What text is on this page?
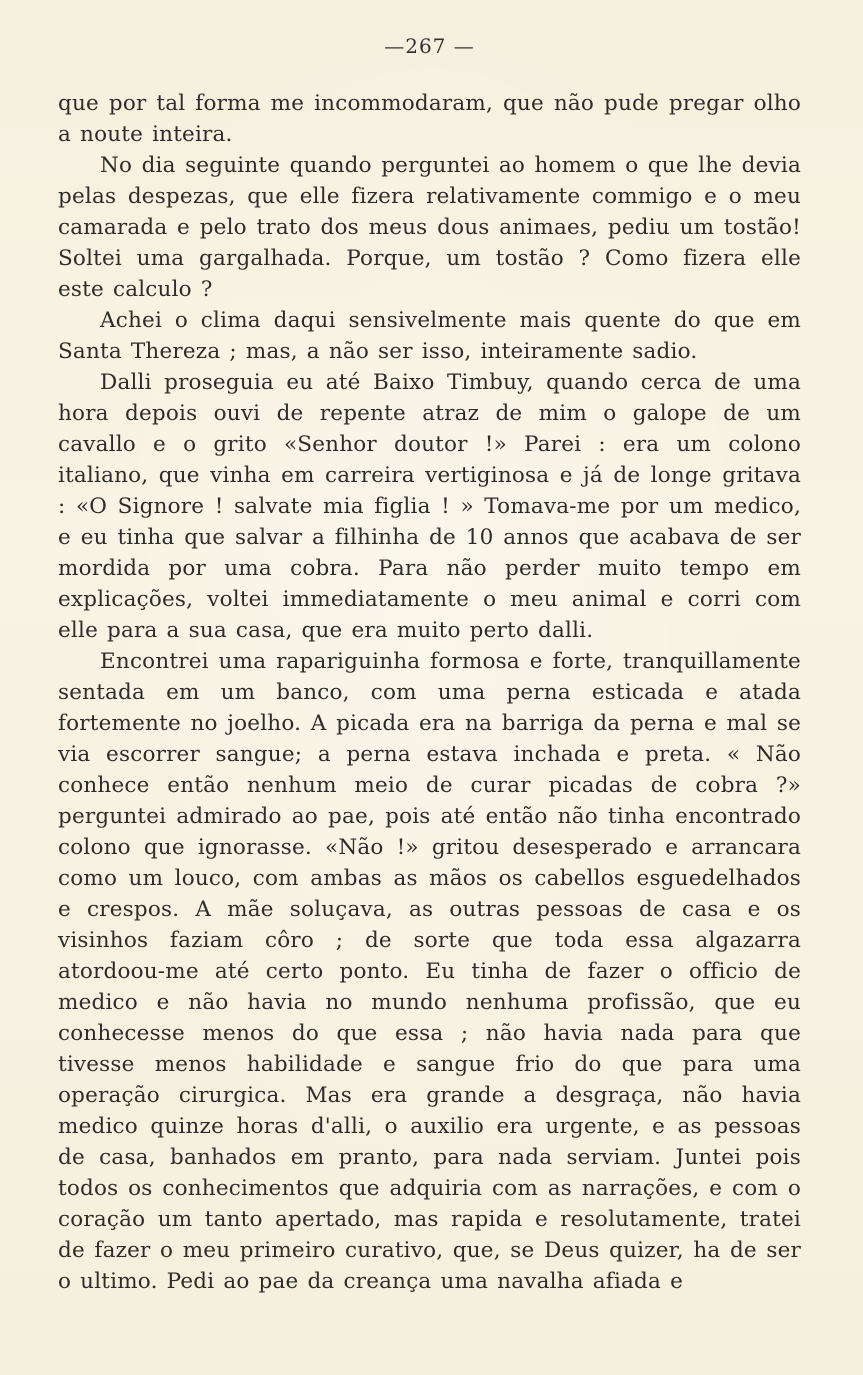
—267 —

que por tal forma me incommodaram, que não pude pregar olho a noute inteira.

No dia seguinte quando perguntei ao homem o que lhe devia pelas despezas, que elle fizera relativamente commigo e o meu camarada e pelo trato dos meus dous animaes, pediu um tostão! Soltei uma gargalhada. Porque, um tostão ? Como fizera elle este calculo ?

Achei o clima daqui sensivelmente mais quente do que em Santa Thereza ; mas, a não ser isso, inteiramente sadio.

Dalli proseguia eu até Baixo Timbuy, quando cerca de uma hora depois ouvi de repente atraz de mim o galope de um cavallo e o grito «Senhor doutor !» Parei : era um colono italiano, que vinha em carreira vertiginosa e já de longe gritava : «O Signore ! salvate mia figlia ! » Tomava-me por um medico, e eu tinha que salvar a filhinha de 10 annos que acabava de ser mordida por uma cobra. Para não perder muito tempo em explicações, voltei immediatamente o meu animal e corri com elle para a sua casa, que era muito perto dalli.

Encontrei uma rapariguinha formosa e forte, tranquillamente sentada em um banco, com uma perna esticada e atada fortemente no joelho. A picada era na barriga da perna e mal se via escorrer sangue; a perna estava inchada e preta. « Não conhece então nenhum meio de curar picadas de cobra ?» perguntei admirado ao pae, pois até então não tinha encontrado colono que ignorasse. «Não !» gritou desesperado e arrancara como um louco, com ambas as mãos os cabellos esguedelhados e crespos. A mãe soluçava, as outras pessoas de casa e os visinhos faziam côro ; de sorte que toda essa algazarra atordoou-me até certo ponto. Eu tinha de fazer o officio de medico e não havia no mundo nenhuma profissão, que eu conhecesse menos do que essa ; não havia nada para que tivesse menos habilidade e sangue frio do que para uma operação cirurgica. Mas era grande a desgraça, não havia medico quinze horas d'alli, o auxilio era urgente, e as pessoas de casa, banhados em pranto, para nada serviam. Juntei pois todos os conhecimentos que adquiria com as narrações, e com o coração um tanto apertado, mas rapida e resolutamente, tratei de fazer o meu primeiro curativo, que, se Deus quizer, ha de ser o ultimo. Pedi ao pae da creança uma navalha afiada e
